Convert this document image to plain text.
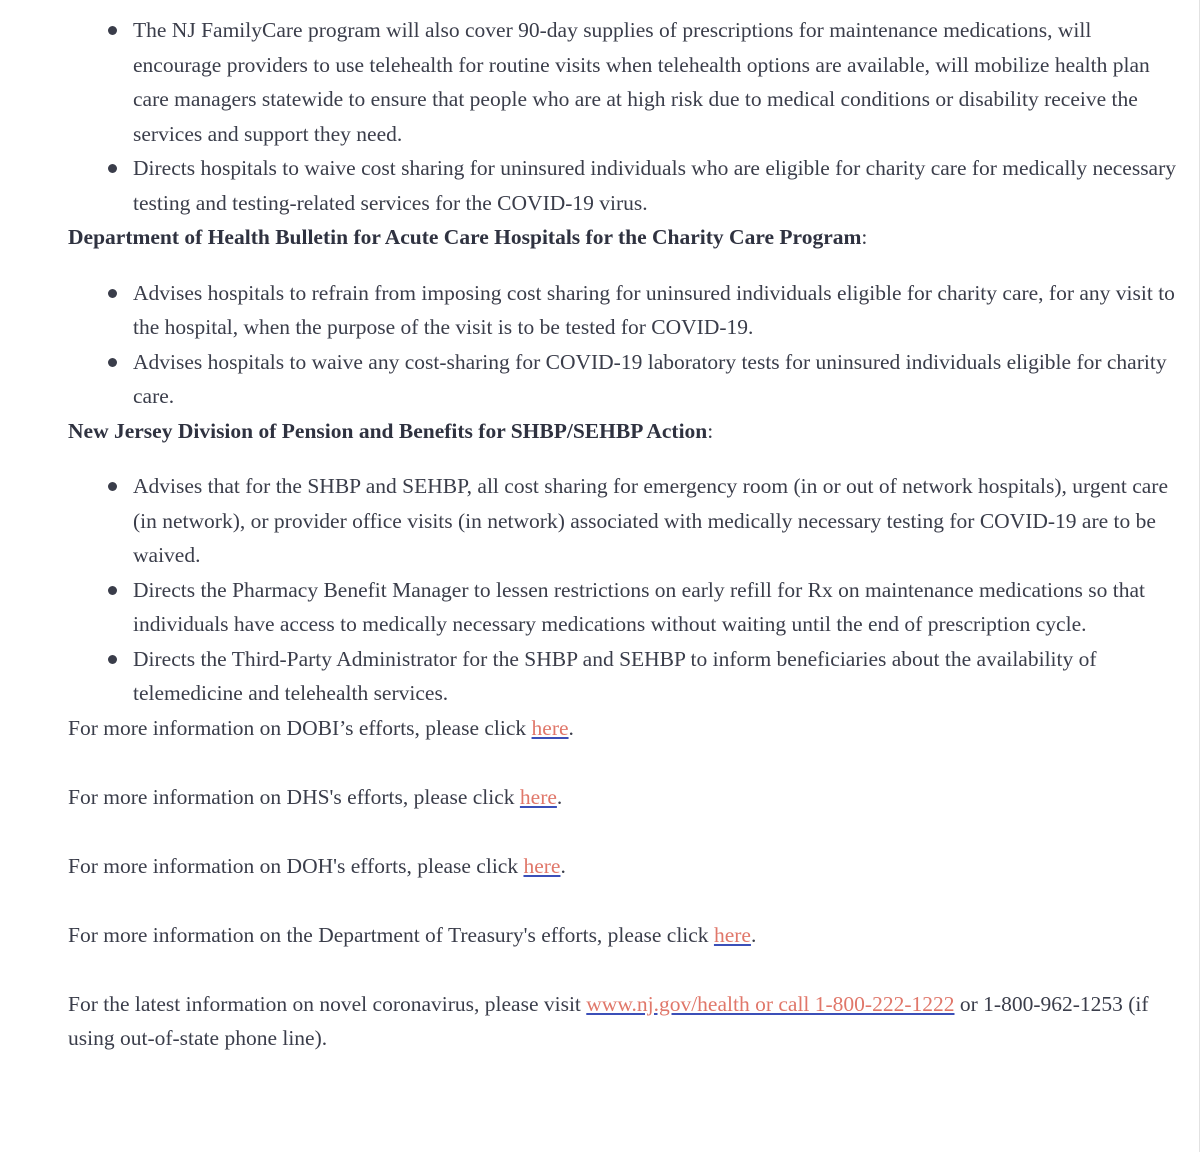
The NJ FamilyCare program will also cover 90-day supplies of prescriptions for maintenance medications, will encourage providers to use telehealth for routine visits when telehealth options are available, will mobilize health plan care managers statewide to ensure that people who are at high risk due to medical conditions or disability receive the services and support they need.
Directs hospitals to waive cost sharing for uninsured individuals who are eligible for charity care for medically necessary testing and testing-related services for the COVID-19 virus.

Department of Health Bulletin for Acute Care Hospitals for the Charity Care Program:

Advises hospitals to refrain from imposing cost sharing for uninsured individuals eligible for charity care, for any visit to the hospital, when the purpose of the visit is to be tested for COVID-19.
Advises hospitals to waive any cost-sharing for COVID-19 laboratory tests for uninsured individuals eligible for charity care.

New Jersey Division of Pension and Benefits for SHBP/SEHBP Action:

Advises that for the SHBP and SEHBP, all cost sharing for emergency room (in or out of network hospitals), urgent care (in network), or provider office visits (in network) associated with medically necessary testing for COVID-19 are to be waived.
Directs the Pharmacy Benefit Manager to lessen restrictions on early refill for Rx on maintenance medications so that individuals have access to medically necessary medications without waiting until the end of prescription cycle.
Directs the Third-Party Administrator for the SHBP and SEHBP to inform beneficiaries about the availability of telemedicine and telehealth services.

For more information on DOBI’s efforts, please click here.

For more information on DHS's efforts, please click here.

For more information on DOH's efforts, please click here.

For more information on the Department of Treasury's efforts, please click here.

For the latest information on novel coronavirus, please visit www.nj.gov/health or call 1-800-222-1222 or 1-800-962-1253 (if using out-of-state phone line).
